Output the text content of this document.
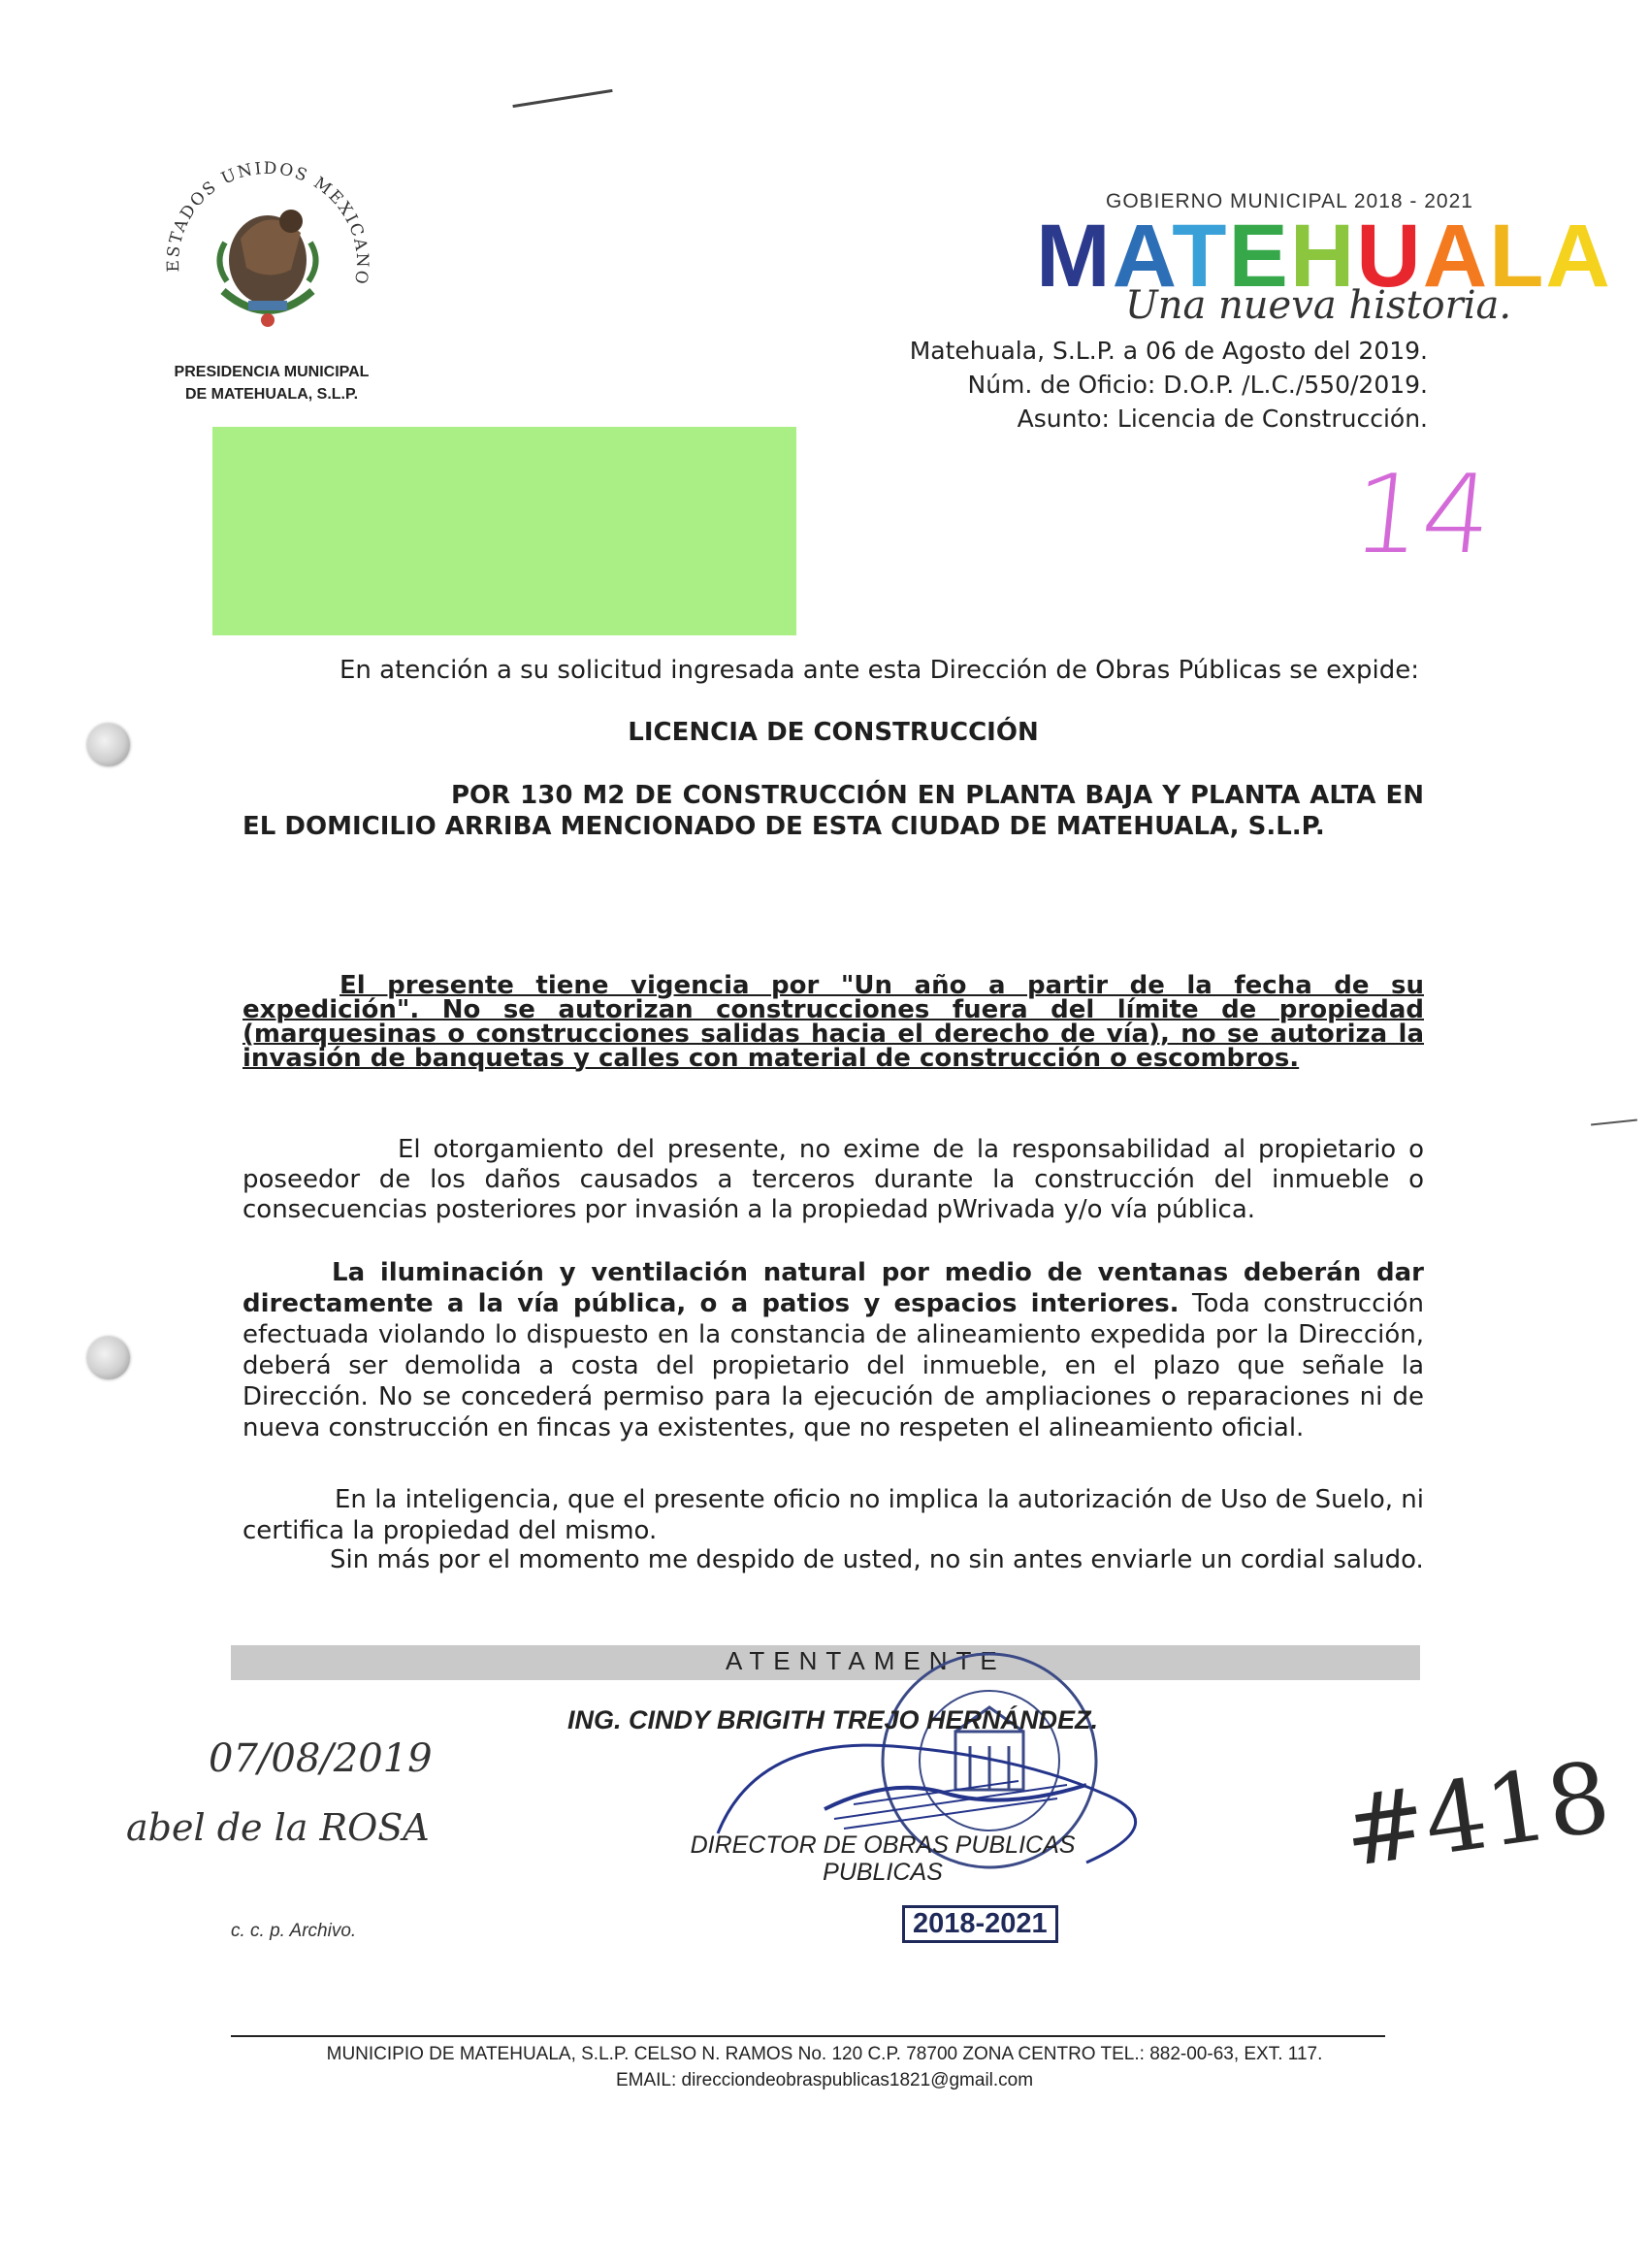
ESTADOS UNIDOS MEXICANO
PRESIDENCIA MUNICIPAL
DE MATEHUALA, S.L.P.
GOBIERNO MUNICIPAL 2018 - 2021
MATEHUALA
Una nueva historia.
Matehuala, S.L.P. a 06 de Agosto del 2019.
Núm. de Oficio: D.O.P. /L.C./550/2019.
Asunto: Licencia de Construcción.
14
En atención a su solicitud ingresada ante esta Dirección de Obras Públicas se expide:
LICENCIA DE CONSTRUCCIÓN
POR 130 M2 DE CONSTRUCCIÓN EN PLANTA BAJA Y PLANTA ALTA EN EL DOMICILIO ARRIBA MENCIONADO DE ESTA CIUDAD DE MATEHUALA, S.L.P.
El presente tiene vigencia por "Un año a partir de la fecha de su expedición". No se autorizan construcciones fuera del límite de propiedad (marquesinas o construcciones salidas hacia el derecho de vía), no se autoriza la invasión de banquetas y calles con material de construcción o escombros.
El otorgamiento del presente, no exime de la responsabilidad al propietario o poseedor de los daños causados a terceros durante la construcción del inmueble o consecuencias posteriores por invasión a la propiedad pWrivada y/o vía pública.
La iluminación y ventilación natural por medio de ventanas deberán dar directamente a la vía pública, o a patios y espacios interiores. Toda construcción efectuada violando lo dispuesto en la constancia de alineamiento expedida por la Dirección, deberá ser demolida a costa del propietario del inmueble, en el plazo que señale la Dirección. No se concederá permiso para la ejecución de ampliaciones o reparaciones ni de nueva construcción en fincas ya existentes, que no respeten el alineamiento oficial.
En la inteligencia, que el presente oficio no implica la autorización de Uso de Suelo, ni certifica la propiedad del mismo.
Sin más por el momento me despido de usted, no sin antes enviarle un cordial saludo.
ATENTAMENTE
ING. CINDY BRIGITH TREJO HERNÁNDEZ.
DIRECTOR DE OBRAS PUBLICAS
PUBLICAS
2018-2021
07/08/2019
abel de la ROSA	#418
c. c. p. Archivo.
MUNICIPIO DE MATEHUALA, S.L.P. CELSO N. RAMOS No. 120 C.P. 78700 ZONA CENTRO TEL.: 882-00-63, EXT. 117.
EMAIL: direcciondeobraspublicas1821@gmail.com
